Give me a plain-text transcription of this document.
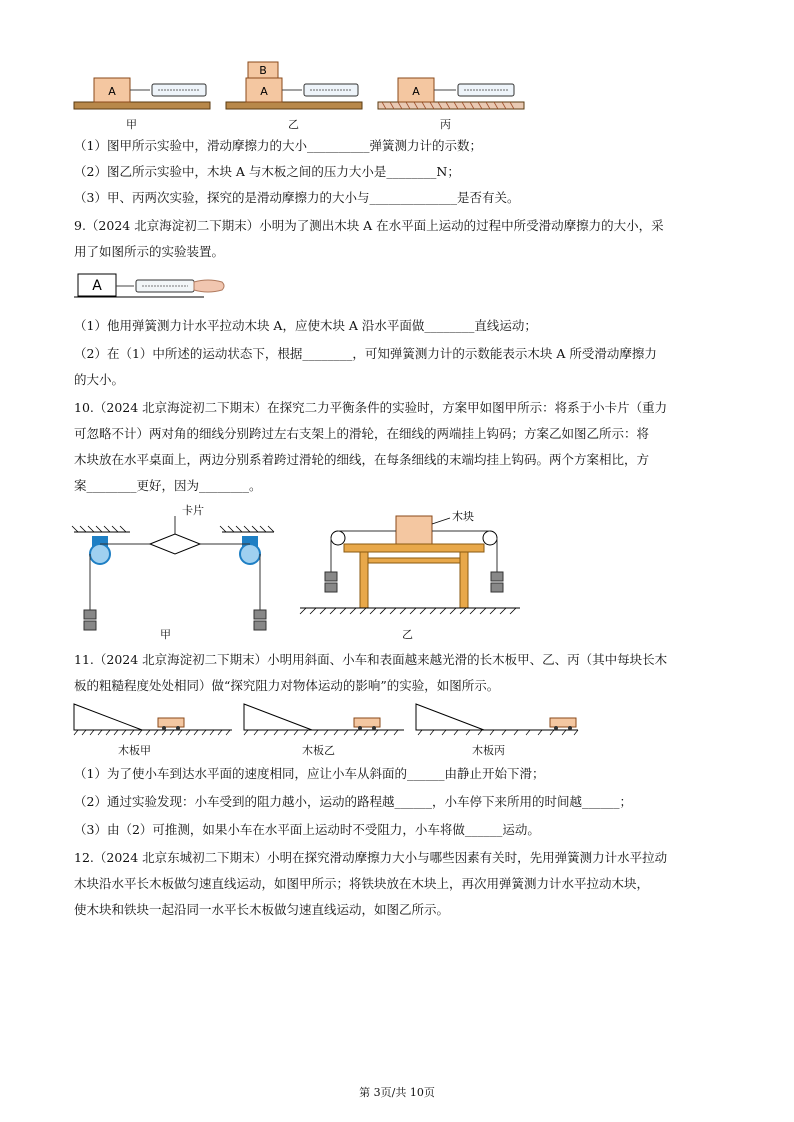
A
B
A	A
甲	乙	丙
（1）图甲所示实验中，滑动摩擦力的大小__________弹簧测力计的示数；
（2）图乙所示实验中，木块 A 与木板之间的压力大小是________N；
（3）甲、丙两次实验，探究的是滑动摩擦力的大小与______________是否有关。
9.（2024 北京海淀初二下期末）小明为了测出木块 A 在水平面上运动的过程中所受滑动摩擦力的大小，采
用了如图所示的实验装置。
A
（1）他用弹簧测力计水平拉动木块 A，应使木块 A 沿水平面做________直线运动；
（2）在（1）中所述的运动状态下，根据________，可知弹簧测力计的示数能表示木块 A 所受滑动摩擦力
的大小。
10.（2024 北京海淀初二下期末）在探究二力平衡条件的实验时，方案甲如图甲所示：将系于小卡片（重力
可忽略不计）两对角的细线分别跨过左右支架上的滑轮，在细线的两端挂上钩码；方案乙如图乙所示：将
木块放在水平桌面上，两边分别系着跨过滑轮的细线，在每条细线的末端均挂上钩码。两个方案相比，方
案________更好，因为________。
卡片
甲
木块
乙
11.（2024 北京海淀初二下期末）小明用斜面、小车和表面越来越光滑的长木板甲、乙、丙（其中每块长木
板的粗糙程度处处相同）做“探究阻力对物体运动的影响”的实验，如图所示。
木板甲	木板乙	木板丙
（1）为了使小车到达水平面的速度相同，应让小车从斜面的______由静止开始下滑；
（2）通过实验发现：小车受到的阻力越小，运动的路程越______，小车停下来所用的时间越______；
（3）由（2）可推测，如果小车在水平面上运动时不受阻力，小车将做______运动。
12.（2024 北京东城初二下期末）小明在探究滑动摩擦力大小与哪些因素有关时，先用弹簧测力计水平拉动
木块沿水平长木板做匀速直线运动，如图甲所示；将铁块放在木块上，再次用弹簧测力计水平拉动木块，
使木块和铁块一起沿同一水平长木板做匀速直线运动，如图乙所示。
第 3页/共 10页
